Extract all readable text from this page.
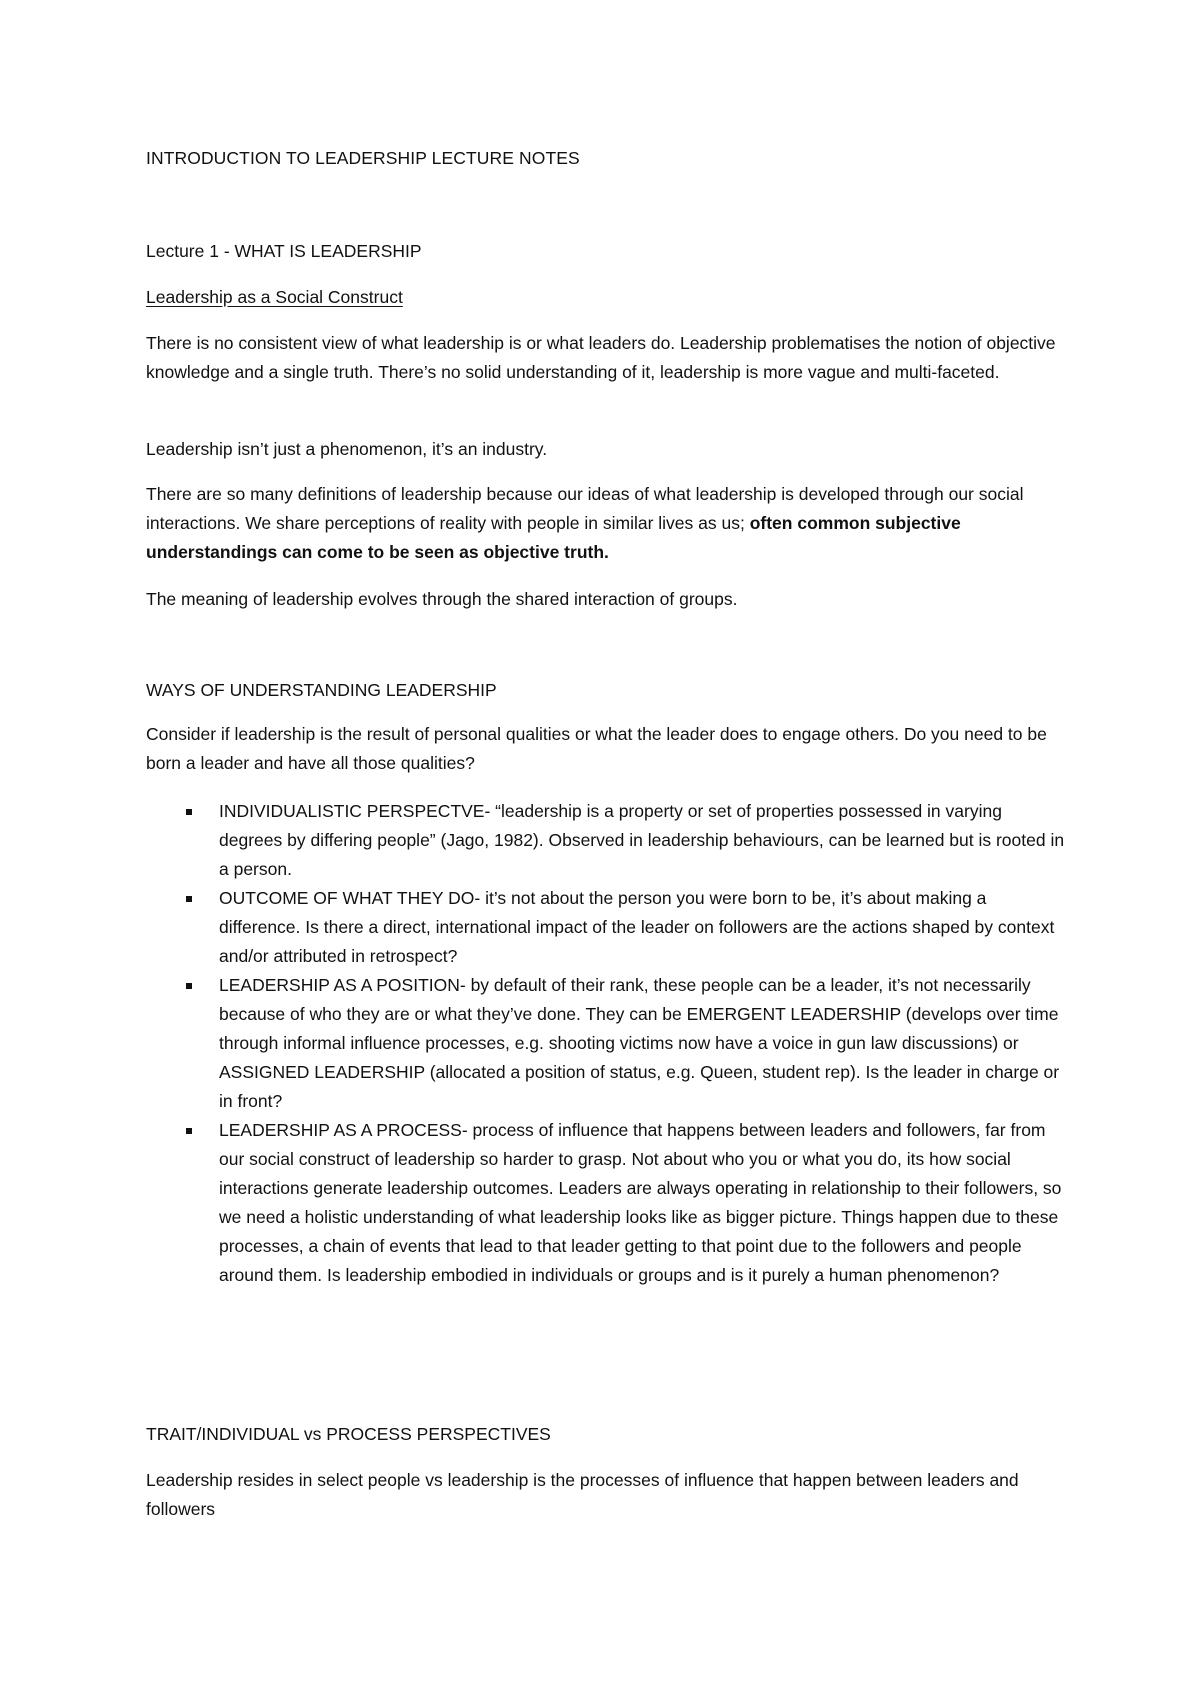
INTRODUCTION TO LEADERSHIP LECTURE NOTES
Lecture 1 - WHAT IS LEADERSHIP
Leadership as a Social Construct

There is no consistent view of what leadership is or what leaders do. Leadership problematises the notion of objective knowledge and a single truth. There’s no solid understanding of it, leadership is more vague and multi-faceted.

Leadership isn’t just a phenomenon, it’s an industry.

There are so many definitions of leadership because our ideas of what leadership is developed through our social interactions. We share perceptions of reality with people in similar lives as us; often common subjective understandings can come to be seen as objective truth.

The meaning of leadership evolves through the shared interaction of groups.

WAYS OF UNDERSTANDING LEADERSHIP

Consider if leadership is the result of personal qualities or what the leader does to engage others. Do you need to be born a leader and have all those qualities?

INDIVIDUALISTIC PERSPECTVE- “leadership is a property or set of properties possessed in varying degrees by differing people” (Jago, 1982). Observed in leadership behaviours, can be learned but is rooted in a person.
OUTCOME OF WHAT THEY DO- it’s not about the person you were born to be, it’s about making a difference. Is there a direct, international impact of the leader on followers are the actions shaped by context and/or attributed in retrospect?
LEADERSHIP AS A POSITION- by default of their rank, these people can be a leader, it’s not necessarily because of who they are or what they’ve done. They can be EMERGENT LEADERSHIP (develops over time through informal influence processes, e.g. shooting victims now have a voice in gun law discussions) or ASSIGNED LEADERSHIP (allocated a position of status, e.g. Queen, student rep). Is the leader in charge or in front?
LEADERSHIP AS A PROCESS- process of influence that happens between leaders and followers, far from our social construct of leadership so harder to grasp. Not about who you or what you do, its how social interactions generate leadership outcomes. Leaders are always operating in relationship to their followers, so we need a holistic understanding of what leadership looks like as bigger picture. Things happen due to these processes, a chain of events that lead to that leader getting to that point due to the followers and people around them. Is leadership embodied in individuals or groups and is it purely a human phenomenon?
TRAIT/INDIVIDUAL vs PROCESS PERSPECTIVES

Leadership resides in select people vs leadership is the processes of influence that happen between leaders and followers
